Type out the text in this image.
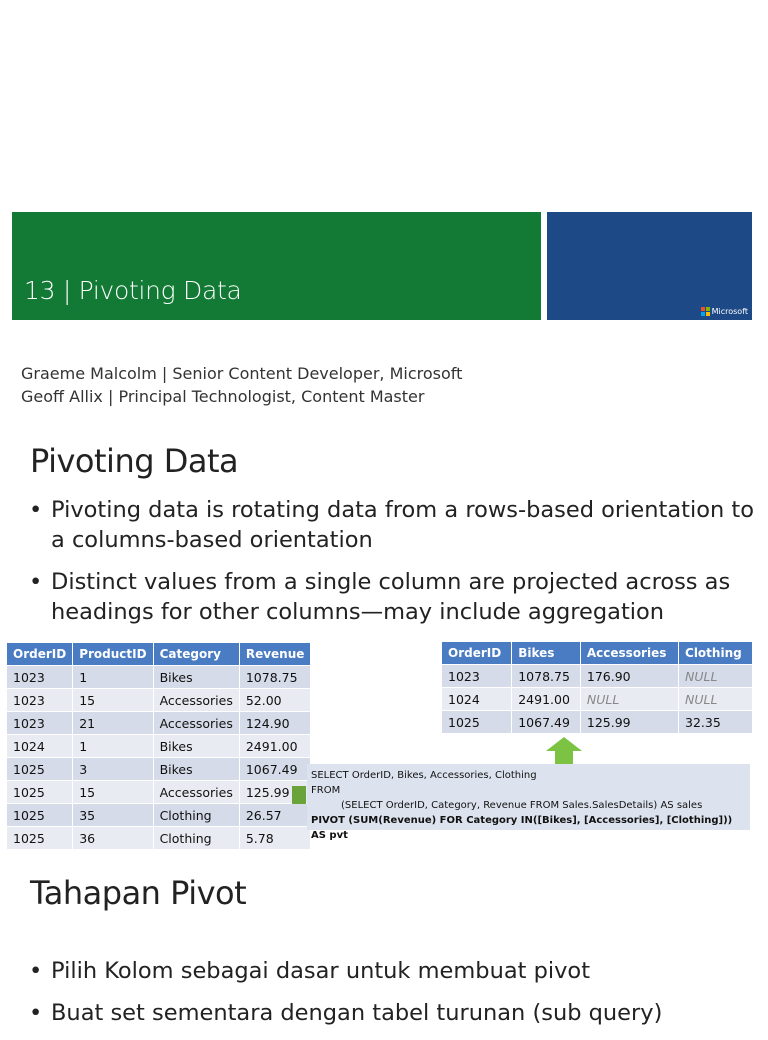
13 | Pivoting Data
Microsoft
Graeme Malcolm | Senior Content Developer, Microsoft
Geoff Allix | Principal Technologist, Content Master
Pivoting Data
• Pivoting data is rotating data from a rows-based orientation to a columns-based orientation
• Distinct values from a single column are projected across as headings for other columns—may include aggregation
OrderID	ProductID	Category	Revenue
1023	1	Bikes	1078.75
1023	15	Accessories	52.00
1023	21	Accessories	124.90
1024	1	Bikes	2491.00
1025	3	Bikes	1067.49
1025	15	Accessories	125.99
1025	35	Clothing	26.57
1025	36	Clothing	5.78
OrderID	Bikes	Accessories	Clothing
1023	1078.75	176.90	NULL
1024	2491.00	NULL	NULL
1025	1067.49	125.99	32.35
SELECT OrderID, Bikes, Accessories, Clothing
FROM
(SELECT OrderID, Category, Revenue FROM Sales.SalesDetails) AS sales
PIVOT (SUM(Revenue) FOR Category IN([Bikes], [Accessories], [Clothing])) AS pvt
Tahapan Pivot
• Pilih Kolom sebagai dasar untuk membuat pivot
• Buat set sementara dengan tabel turunan (sub query)
